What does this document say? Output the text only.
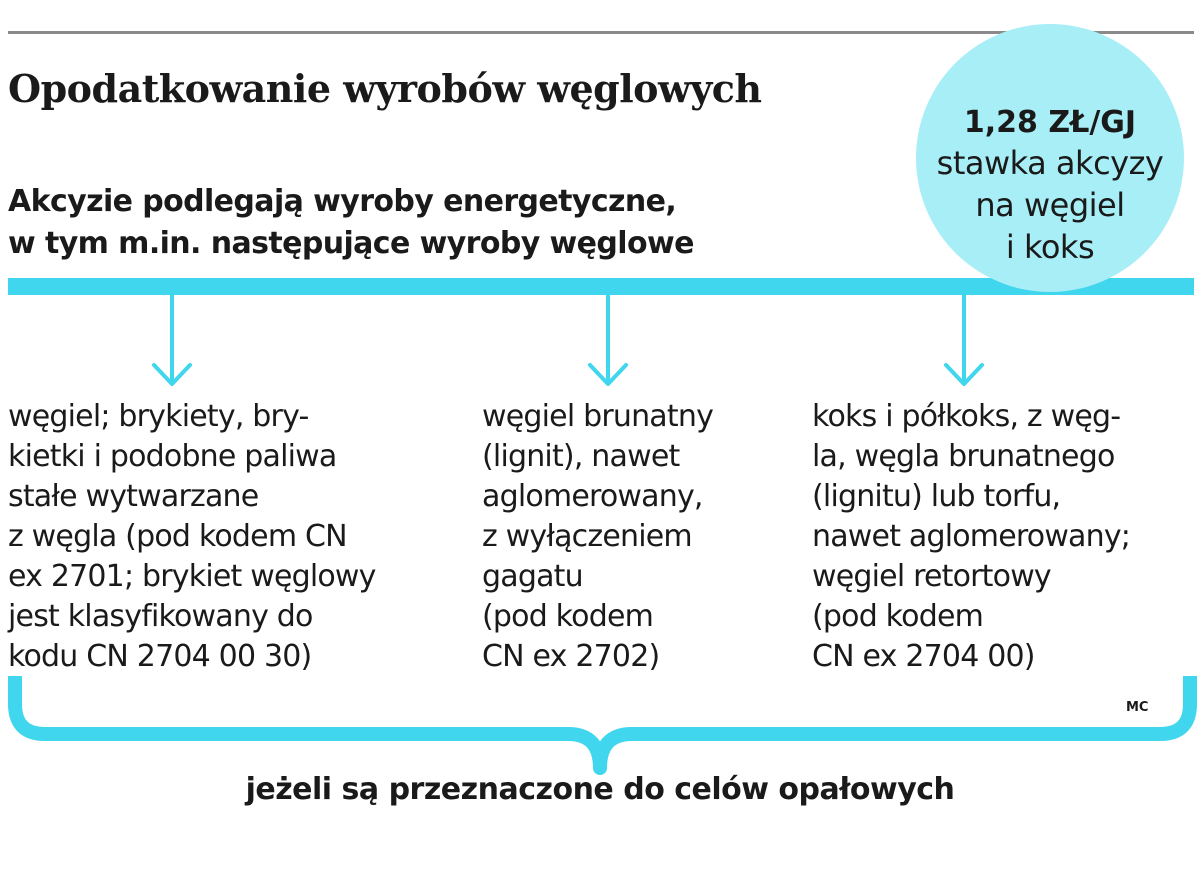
Opodatkowanie wyrobów węglowych
Akcyzie podlegają wyroby energetyczne,
w tym m.in. następujące wyroby węglowe
1,28 ZŁ/GJ
stawka akcyzy
na węgiel
i koks
węgiel; brykiety, bry-
kietki i podobne paliwa
stałe wytwarzane
z węgla (pod kodem CN
ex 2701; brykiet węglowy
jest klasyfikowany do
kodu CN 2704 00 30)
węgiel brunatny
(lignit), nawet
aglomerowany,
z wyłączeniem
gagatu
(pod kodem
CN ex 2702)
koks i półkoks, z węg-
la, węgla brunatnego
(lignitu) lub torfu,
nawet aglomerowany;
węgiel retortowy
(pod kodem
CN ex 2704 00)
MC
jeżeli są przeznaczone do celów opałowych
